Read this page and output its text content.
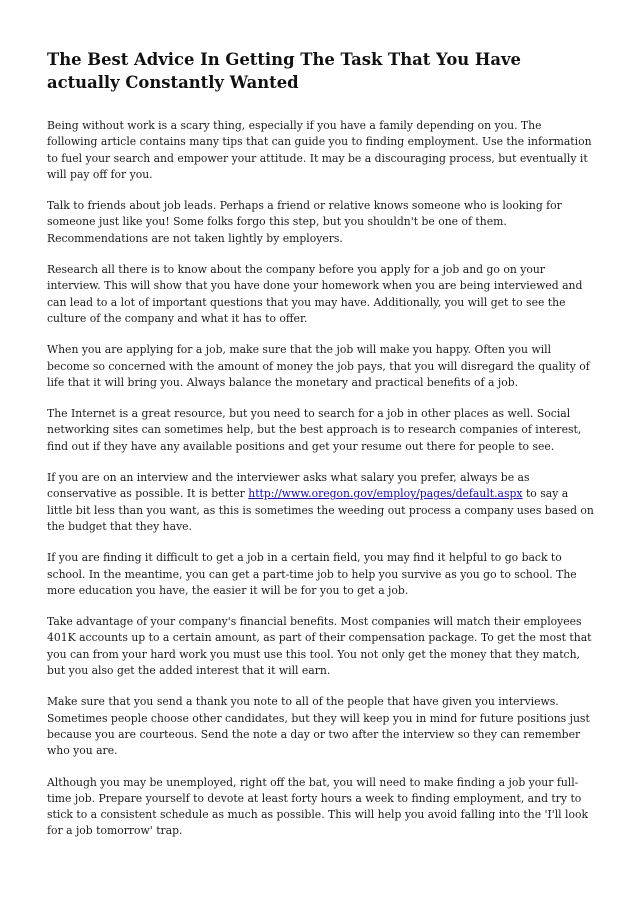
The Best Advice In Getting The Task That You Have actually Constantly Wanted

Being without work is a scary thing, especially if you have a family depending on you. The following article contains many tips that can guide you to finding employment. Use the information to fuel your search and empower your attitude. It may be a discouraging process, but eventually it will pay off for you.

Talk to friends about job leads. Perhaps a friend or relative knows someone who is looking for someone just like you! Some folks forgo this step, but you shouldn't be one of them. Recommendations are not taken lightly by employers.

Research all there is to know about the company before you apply for a job and go on your interview. This will show that you have done your homework when you are being interviewed and can lead to a lot of important questions that you may have. Additionally, you will get to see the culture of the company and what it has to offer.

When you are applying for a job, make sure that the job will make you happy. Often you will become so concerned with the amount of money the job pays, that you will disregard the quality of life that it will bring you. Always balance the monetary and practical benefits of a job.

The Internet is a great resource, but you need to search for a job in other places as well. Social networking sites can sometimes help, but the best approach is to research companies of interest, find out if they have any available positions and get your resume out there for people to see.

If you are on an interview and the interviewer asks what salary you prefer, always be as conservative as possible. It is better http://www.oregon.gov/employ/pages/default.aspx to say a little bit less than you want, as this is sometimes the weeding out process a company uses based on the budget that they have.

If you are finding it difficult to get a job in a certain field, you may find it helpful to go back to school. In the meantime, you can get a part-time job to help you survive as you go to school. The more education you have, the easier it will be for you to get a job.

Take advantage of your company's financial benefits. Most companies will match their employees 401K accounts up to a certain amount, as part of their compensation package. To get the most that you can from your hard work you must use this tool. You not only get the money that they match, but you also get the added interest that it will earn.

Make sure that you send a thank you note to all of the people that have given you interviews. Sometimes people choose other candidates, but they will keep you in mind for future positions just because you are courteous. Send the note a day or two after the interview so they can remember who you are.

Although you may be unemployed, right off the bat, you will need to make finding a job your full-time job. Prepare yourself to devote at least forty hours a week to finding employment, and try to stick to a consistent schedule as much as possible. This will help you avoid falling into the 'I'll look for a job tomorrow' trap.
